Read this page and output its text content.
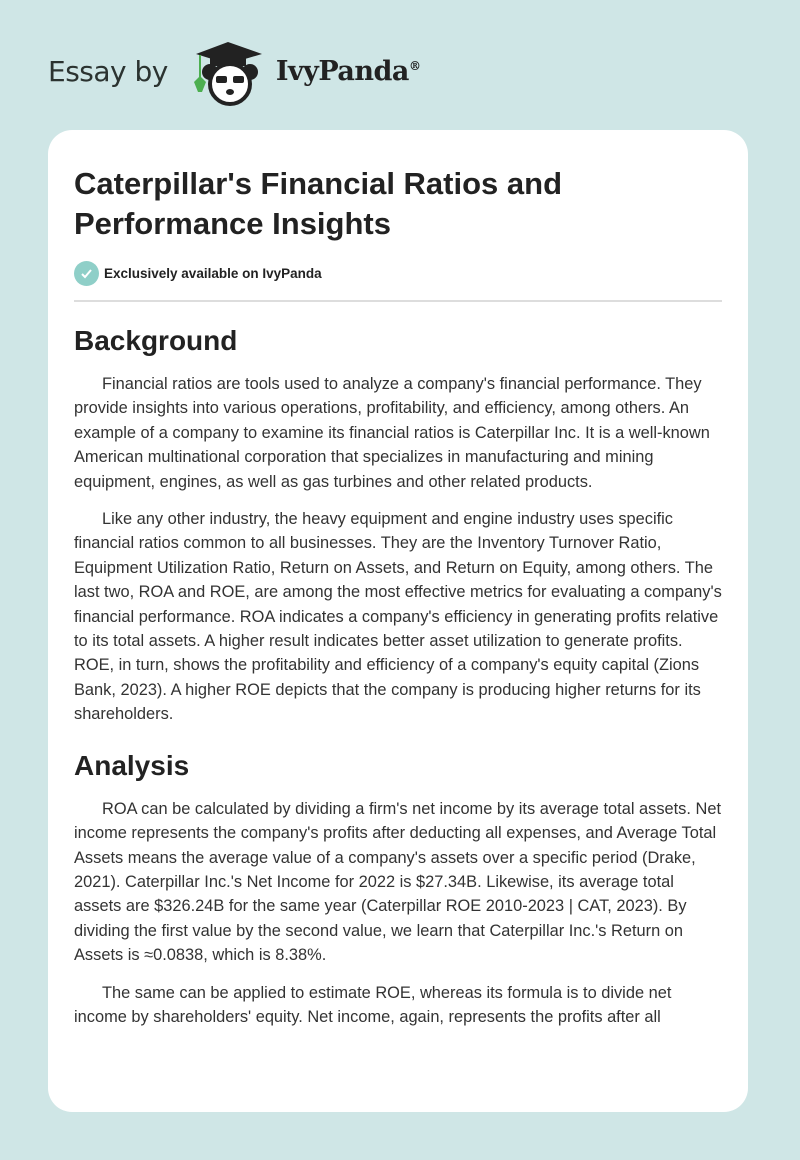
Essay by	IvyPanda®
Caterpillar's Financial Ratios and Performance Insights
Exclusively available on IvyPanda
Background

Financial ratios are tools used to analyze a company's financial performance. They provide insights into various operations, profitability, and efficiency, among others. An example of a company to examine its financial ratios is Caterpillar Inc. It is a well-known American multinational corporation that specializes in manufacturing and mining equipment, engines, as well as gas turbines and other related products.

Like any other industry, the heavy equipment and engine industry uses specific financial ratios common to all businesses. They are the Inventory Turnover Ratio, Equipment Utilization Ratio, Return on Assets, and Return on Equity, among others. The last two, ROA and ROE, are among the most effective metrics for evaluating a company's financial performance. ROA indicates a company's efficiency in generating profits relative to its total assets. A higher result indicates better asset utilization to generate profits. ROE, in turn, shows the profitability and efficiency of a company's equity capital (Zions Bank, 2023). A higher ROE depicts that the company is producing higher returns for its shareholders.

Analysis

ROA can be calculated by dividing a firm's net income by its average total assets. Net income represents the company's profits after deducting all expenses, and Average Total Assets means the average value of a company's assets over a specific period (Drake, 2021). Caterpillar Inc.'s Net Income for 2022 is $27.34B. Likewise, its average total assets are $326.24B for the same year (Caterpillar ROE 2010-2023 | CAT, 2023). By dividing the first value by the second value, we learn that Caterpillar Inc.'s Return on Assets is ≈0.0838, which is 8.38%.

The same can be applied to estimate ROE, whereas its formula is to divide net income by shareholders' equity. Net income, again, represents the profits after all
